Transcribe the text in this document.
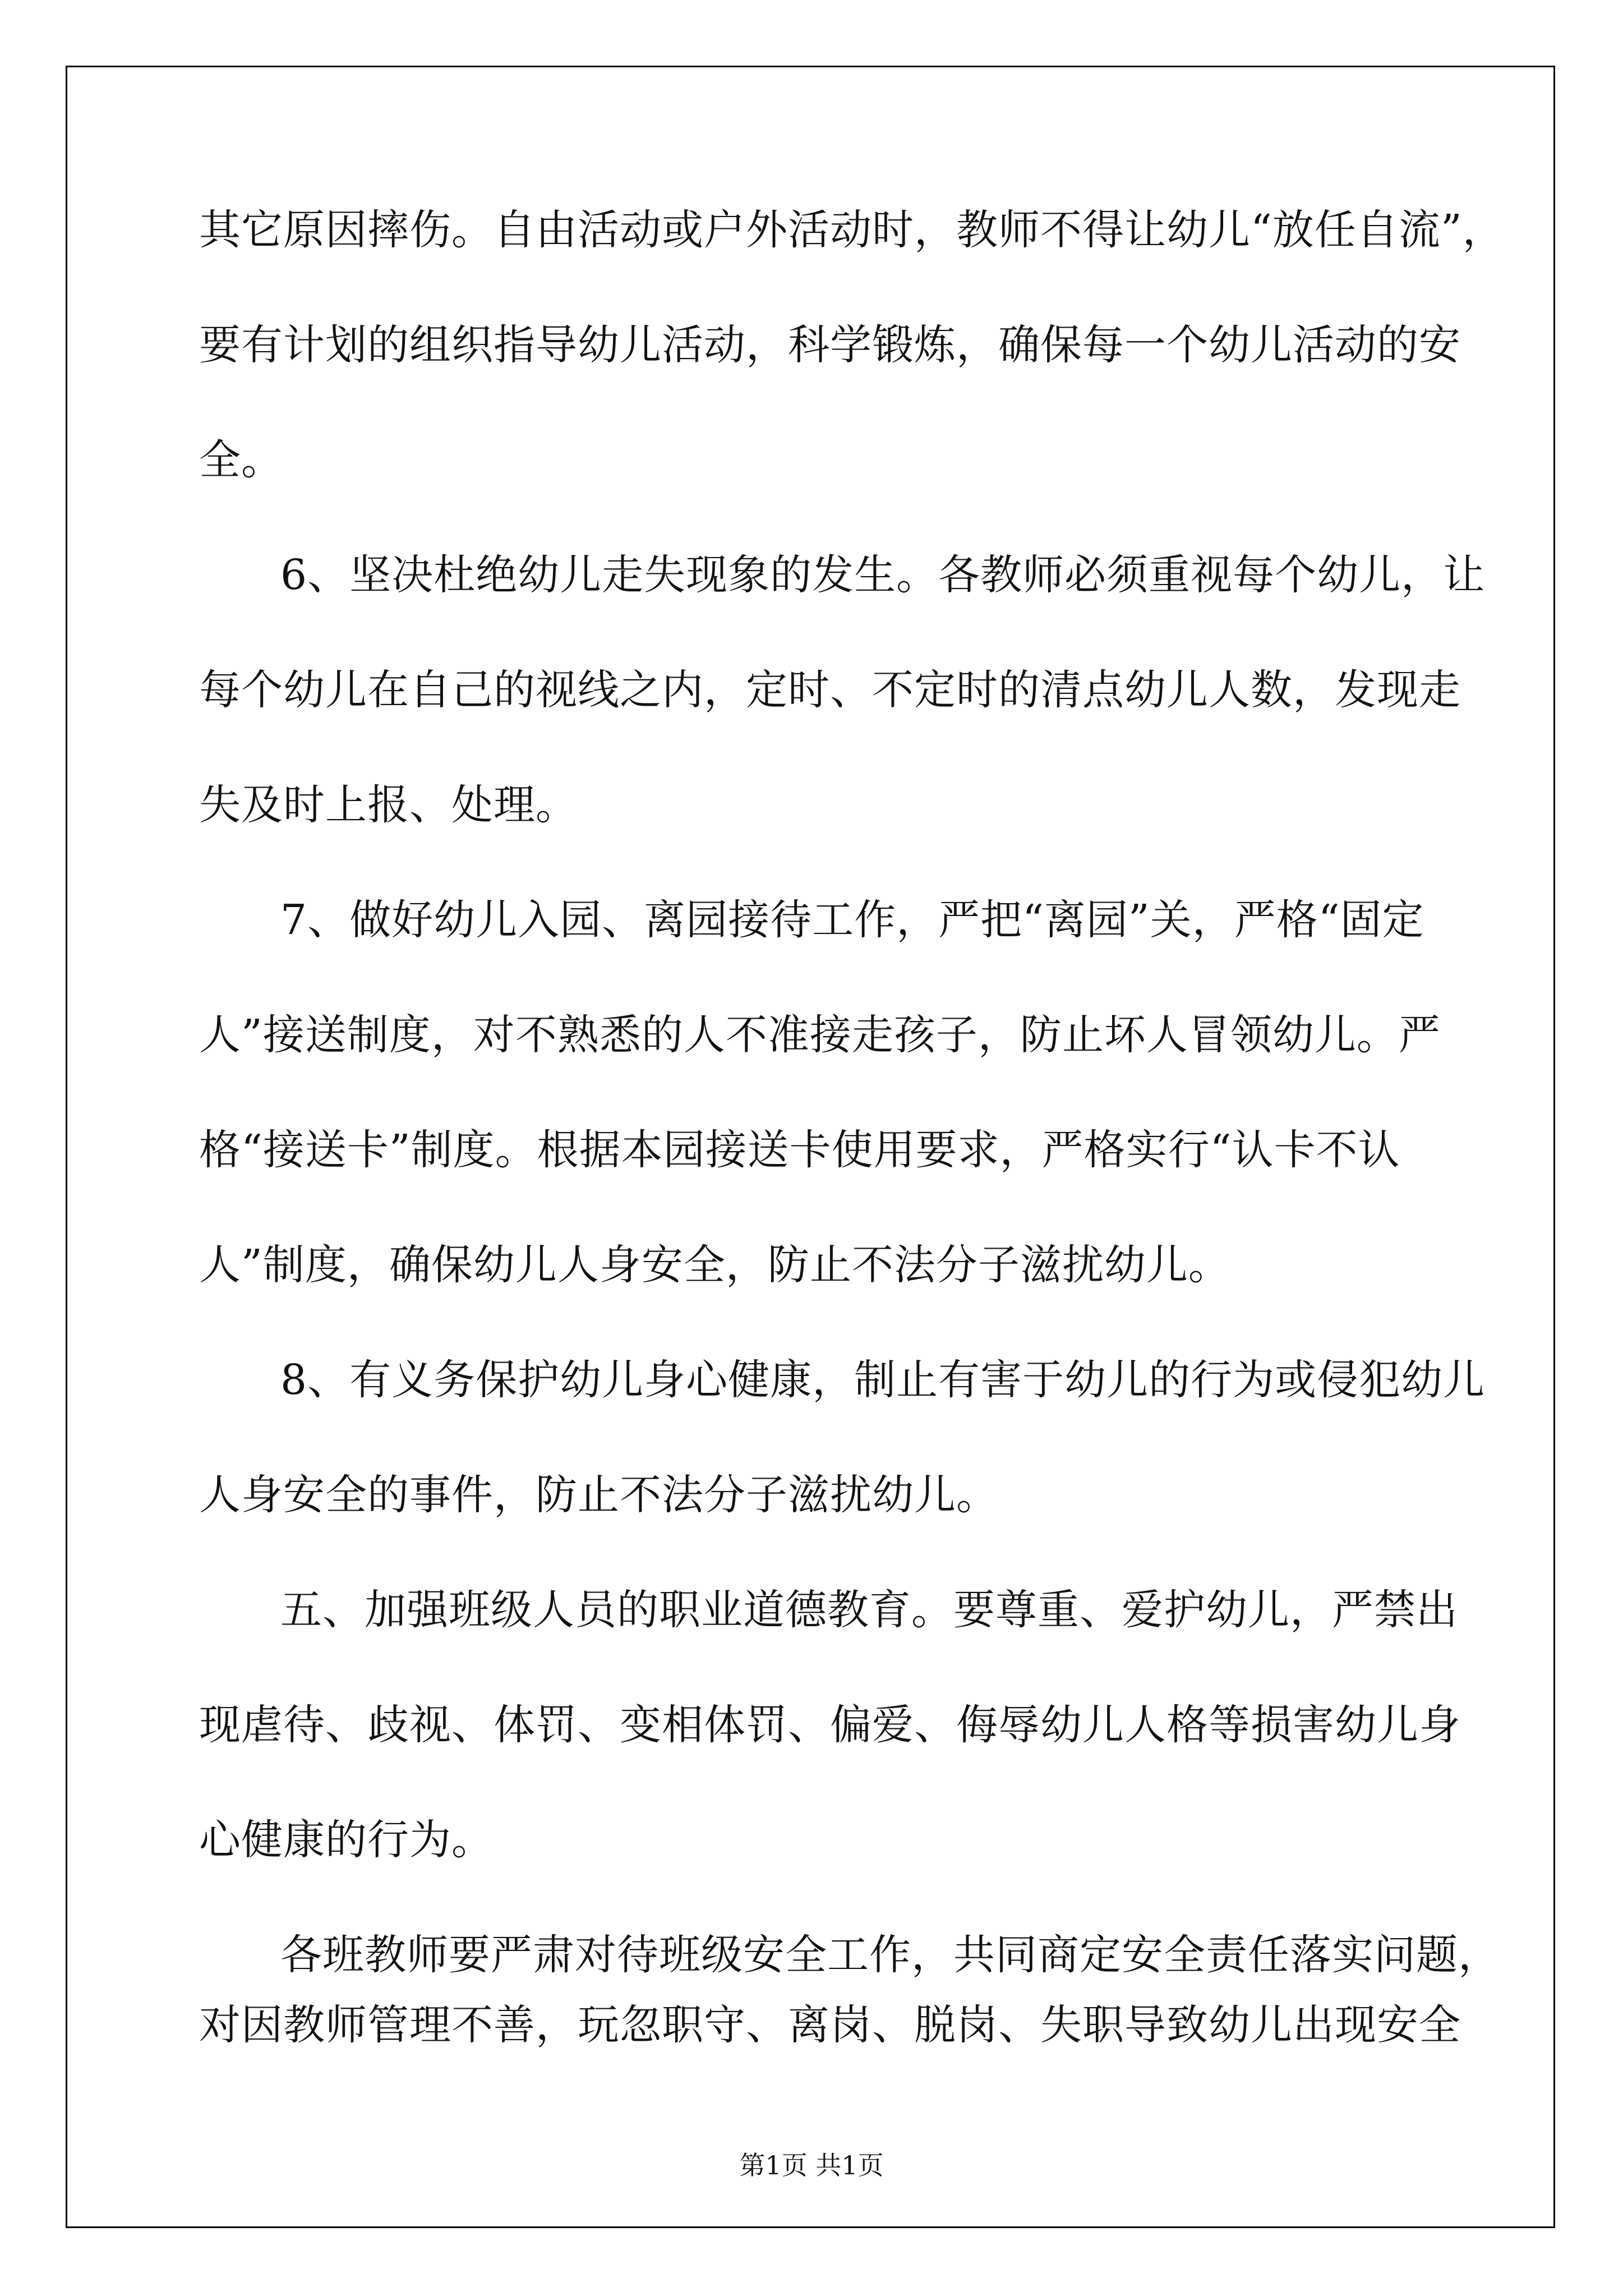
其它原因摔伤。自由活动或户外活动时，教师不得让幼儿“放任自流”，
要有计划的组织指导幼儿活动，科学锻炼，确保每一个幼儿活动的安
全。
6、坚决杜绝幼儿走失现象的发生。各教师必须重视每个幼儿，让
每个幼儿在自己的视线之内，定时、不定时的清点幼儿人数，发现走
失及时上报、处理。
7、做好幼儿入园、离园接待工作，严把“离园”关，严格“固定
人”接送制度，对不熟悉的人不准接走孩子，防止坏人冒领幼儿。严
格“接送卡”制度。根据本园接送卡使用要求，严格实行“认卡不认
人”制度，确保幼儿人身安全，防止不法分子滋扰幼儿。
8、有义务保护幼儿身心健康，制止有害于幼儿的行为或侵犯幼儿
人身安全的事件，防止不法分子滋扰幼儿。
五、加强班级人员的职业道德教育。要尊重、爱护幼儿，严禁出
现虐待、歧视、体罚、变相体罚、偏爱、侮辱幼儿人格等损害幼儿身
心健康的行为。
各班教师要严肃对待班级安全工作，共同商定安全责任落实问题，
对因教师管理不善，玩忽职守、离岗、脱岗、失职导致幼儿出现安全
第1页 共1页
